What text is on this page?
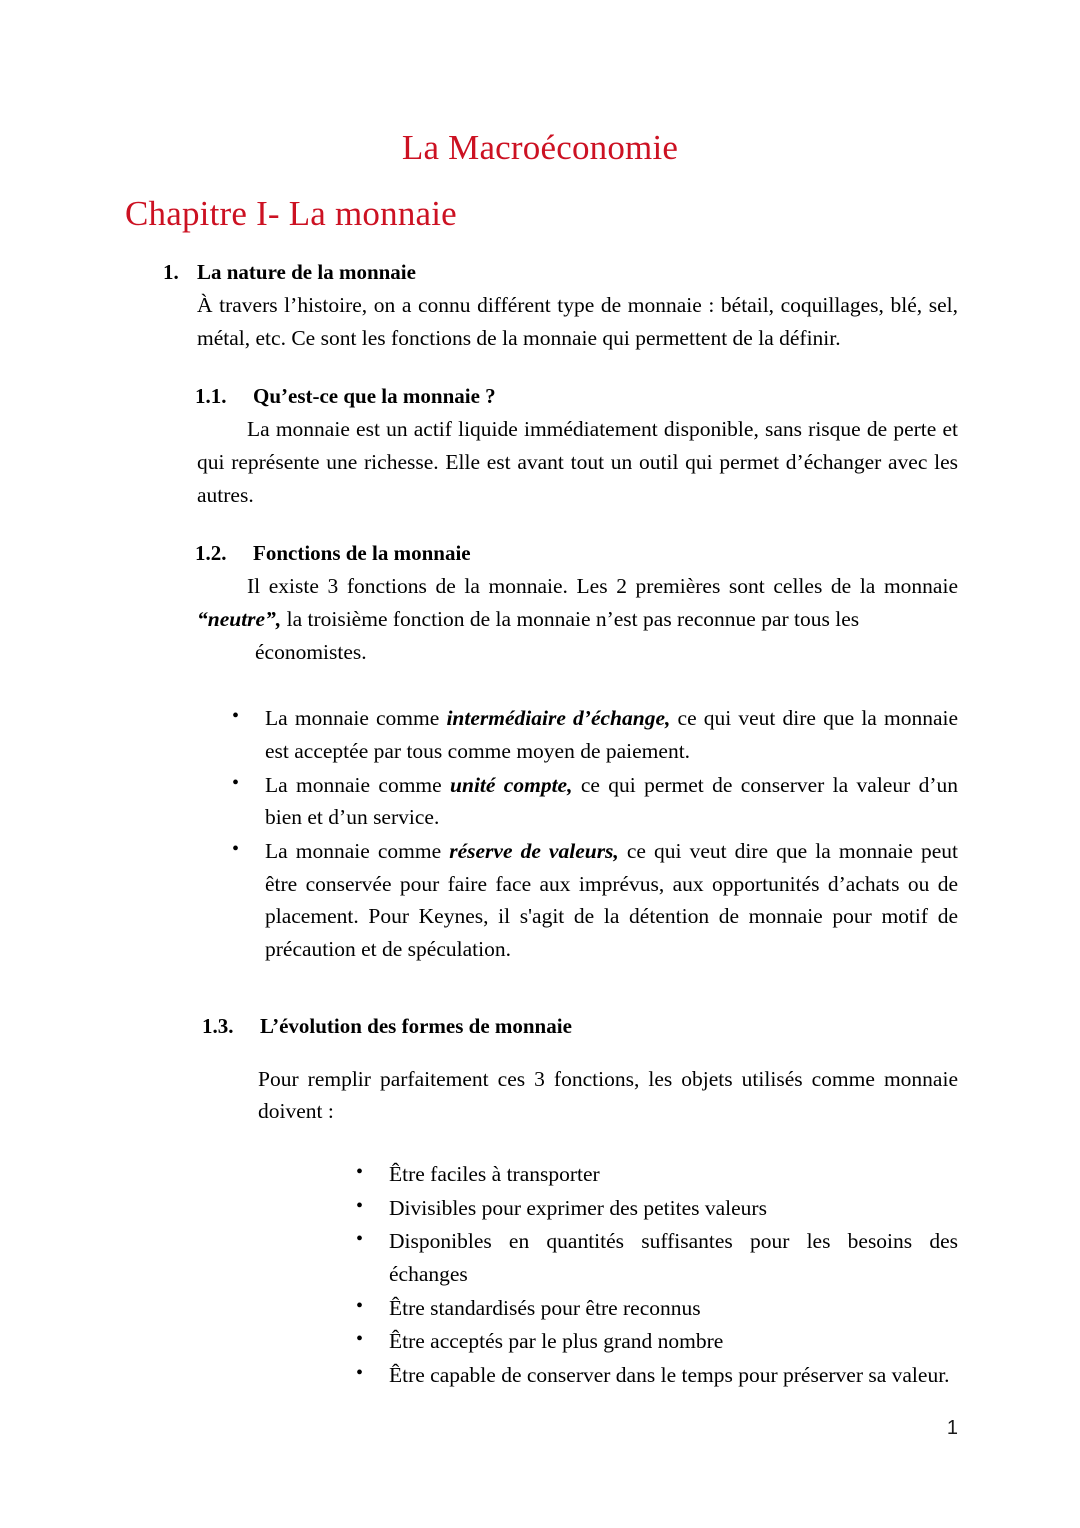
La Macroéconomie
Chapitre I- La monnaie
1. La nature de la monnaie

À travers l’histoire, on a connu différent type de monnaie : bétail, coquillages, blé, sel, métal, etc. Ce sont les fonctions de la monnaie qui permettent de la définir.

1.1.	Qu’est-ce que la monnaie ?

La monnaie est un actif liquide immédiatement disponible, sans risque de perte et qui représente une richesse. Elle est avant tout un outil qui permet d’échanger avec les autres.

1.2.	Fonctions de la monnaie

Il existe 3 fonctions de la monnaie. Les 2 premières sont celles de la monnaie “neutre”, la troisième fonction de la monnaie n’est pas reconnue par tous les
économistes.

• La monnaie comme intermédiaire d’échange, ce qui veut dire que la monnaie est acceptée par tous comme moyen de paiement.
• La monnaie comme unité compte, ce qui permet de conserver la valeur d’un bien et d’un service.
• La monnaie comme réserve de valeurs, ce qui veut dire que la monnaie peut être conservée pour faire face aux imprévus, aux opportunités d’achats ou de placement. Pour Keynes, il s'agit de la détention de monnaie pour motif de précaution et de spéculation.
1.3.	L’évolution des formes de monnaie

Pour remplir parfaitement ces 3 fonctions, les objets utilisés comme monnaie doivent :

• Être faciles à transporter
• Divisibles pour exprimer des petites valeurs
• Disponibles en quantités suffisantes pour les besoins des échanges
• Être standardisés pour être reconnus
• Être acceptés par le plus grand nombre
• Être capable de conserver dans le temps pour préserver sa valeur.
1
